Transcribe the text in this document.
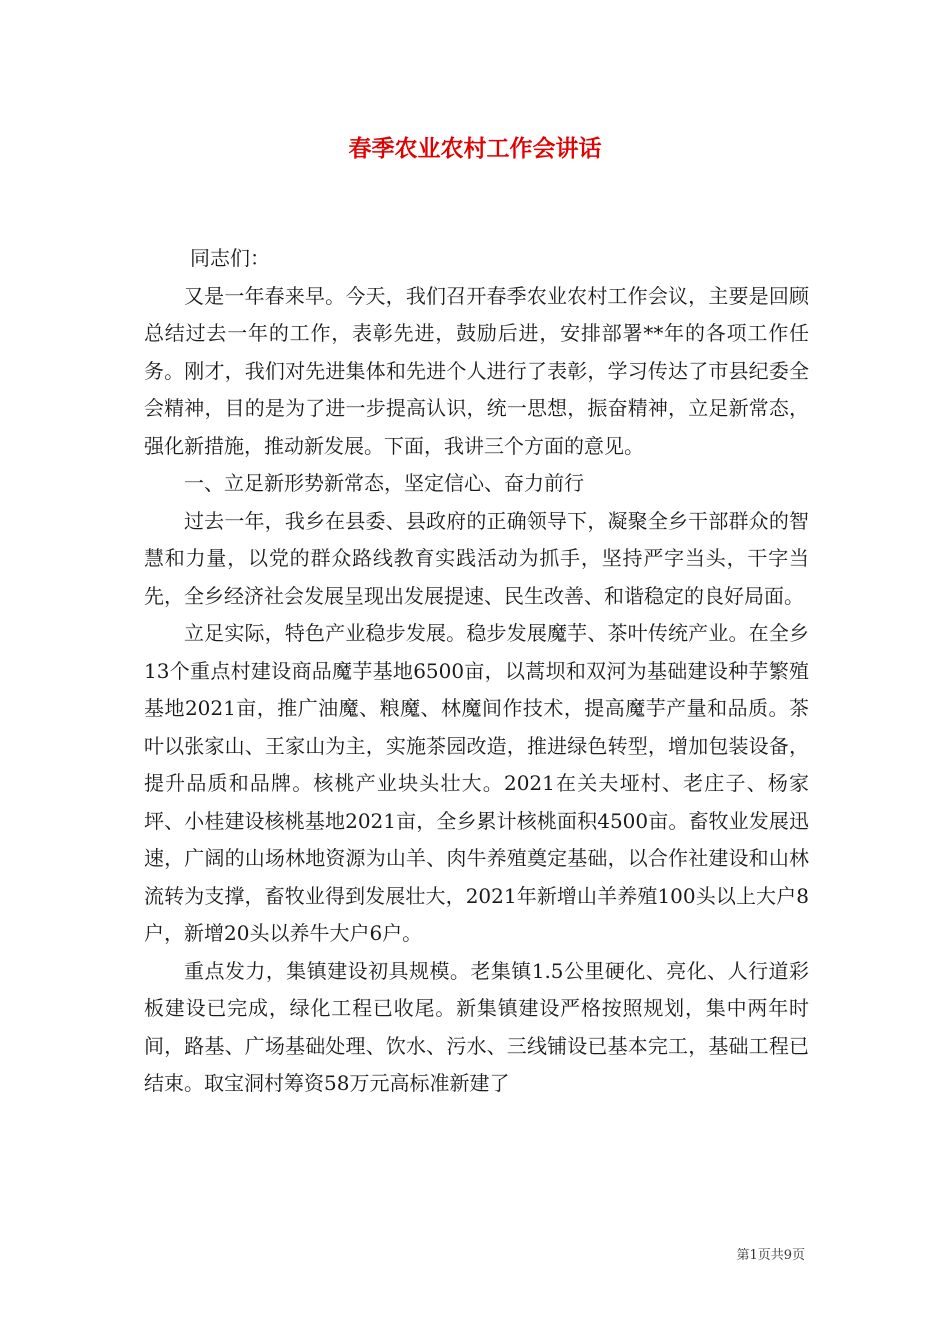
春季农业农村工作会讲话

同志们：

又是一年春来早。今天，我们召开春季农业农村工作会议，主要是回顾总结过去一年的工作，表彰先进，鼓励后进，安排部署**年的各项工作任务。刚才，我们对先进集体和先进个人进行了表彰，学习传达了市县纪委全会精神，目的是为了进一步提高认识，统一思想，振奋精神，立足新常态，强化新措施，推动新发展。下面，我讲三个方面的意见。

一、立足新形势新常态，坚定信心、奋力前行

过去一年，我乡在县委、县政府的正确领导下，凝聚全乡干部群众的智慧和力量，以党的群众路线教育实践活动为抓手，坚持严字当头，干字当先，全乡经济社会发展呈现出发展提速、民生改善、和谐稳定的良好局面。

立足实际，特色产业稳步发展。稳步发展魔芋、茶叶传统产业。在全乡13个重点村建设商品魔芋基地6500亩，以蒿坝和双河为基础建设种芋繁殖基地2021亩，推广油魔、粮魔、林魔间作技术，提高魔芋产量和品质。茶叶以张家山、王家山为主，实施茶园改造，推进绿色转型，增加包装设备，提升品质和品牌。核桃产业块头壮大。2021在关夫垭村、老庄子、杨家坪、小桂建设核桃基地2021亩，全乡累计核桃面积4500亩。畜牧业发展迅速，广阔的山场林地资源为山羊、肉牛养殖奠定基础，以合作社建设和山林流转为支撑，畜牧业得到发展壮大，2021年新增山羊养殖100头以上大户8户，新增20头以养牛大户6户。

重点发力，集镇建设初具规模。老集镇1.5公里硬化、亮化、人行道彩板建设已完成，绿化工程已收尾。新集镇建设严格按照规划，集中两年时间，路基、广场基础处理、饮水、污水、三线铺设已基本完工，基础工程已结束。取宝洞村筹资58万元高标准新建了

第1页共9页
